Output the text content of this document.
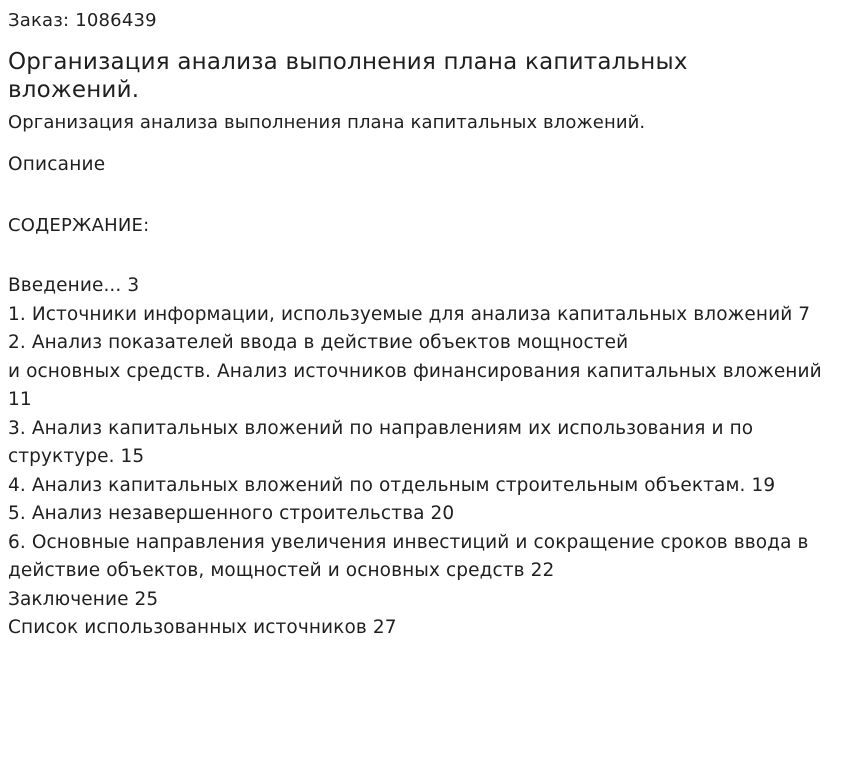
Заказ: 1086439
Организация анализа выполнения плана капитальных
вложений.
Организация анализа выполнения плана капитальных вложений.
Описание
СОДЕРЖАНИЕ:
Введение... 3
1. Источники информации, используемые для анализа капитальных вложений 7
2. Анализ показателей ввода в действие объектов мощностей
и основных средств. Анализ источников финансирования капитальных вложений
11
3. Анализ капитальных вложений по направлениям их использования и по
структуре. 15
4. Анализ капитальных вложений по отдельным строительным объектам. 19
5. Анализ незавершенного строительства 20
6. Основные направления увеличения инвестиций и сокращение сроков ввода в
действие объектов, мощностей и основных средств 22
Заключение 25
Список использованных источников 27
